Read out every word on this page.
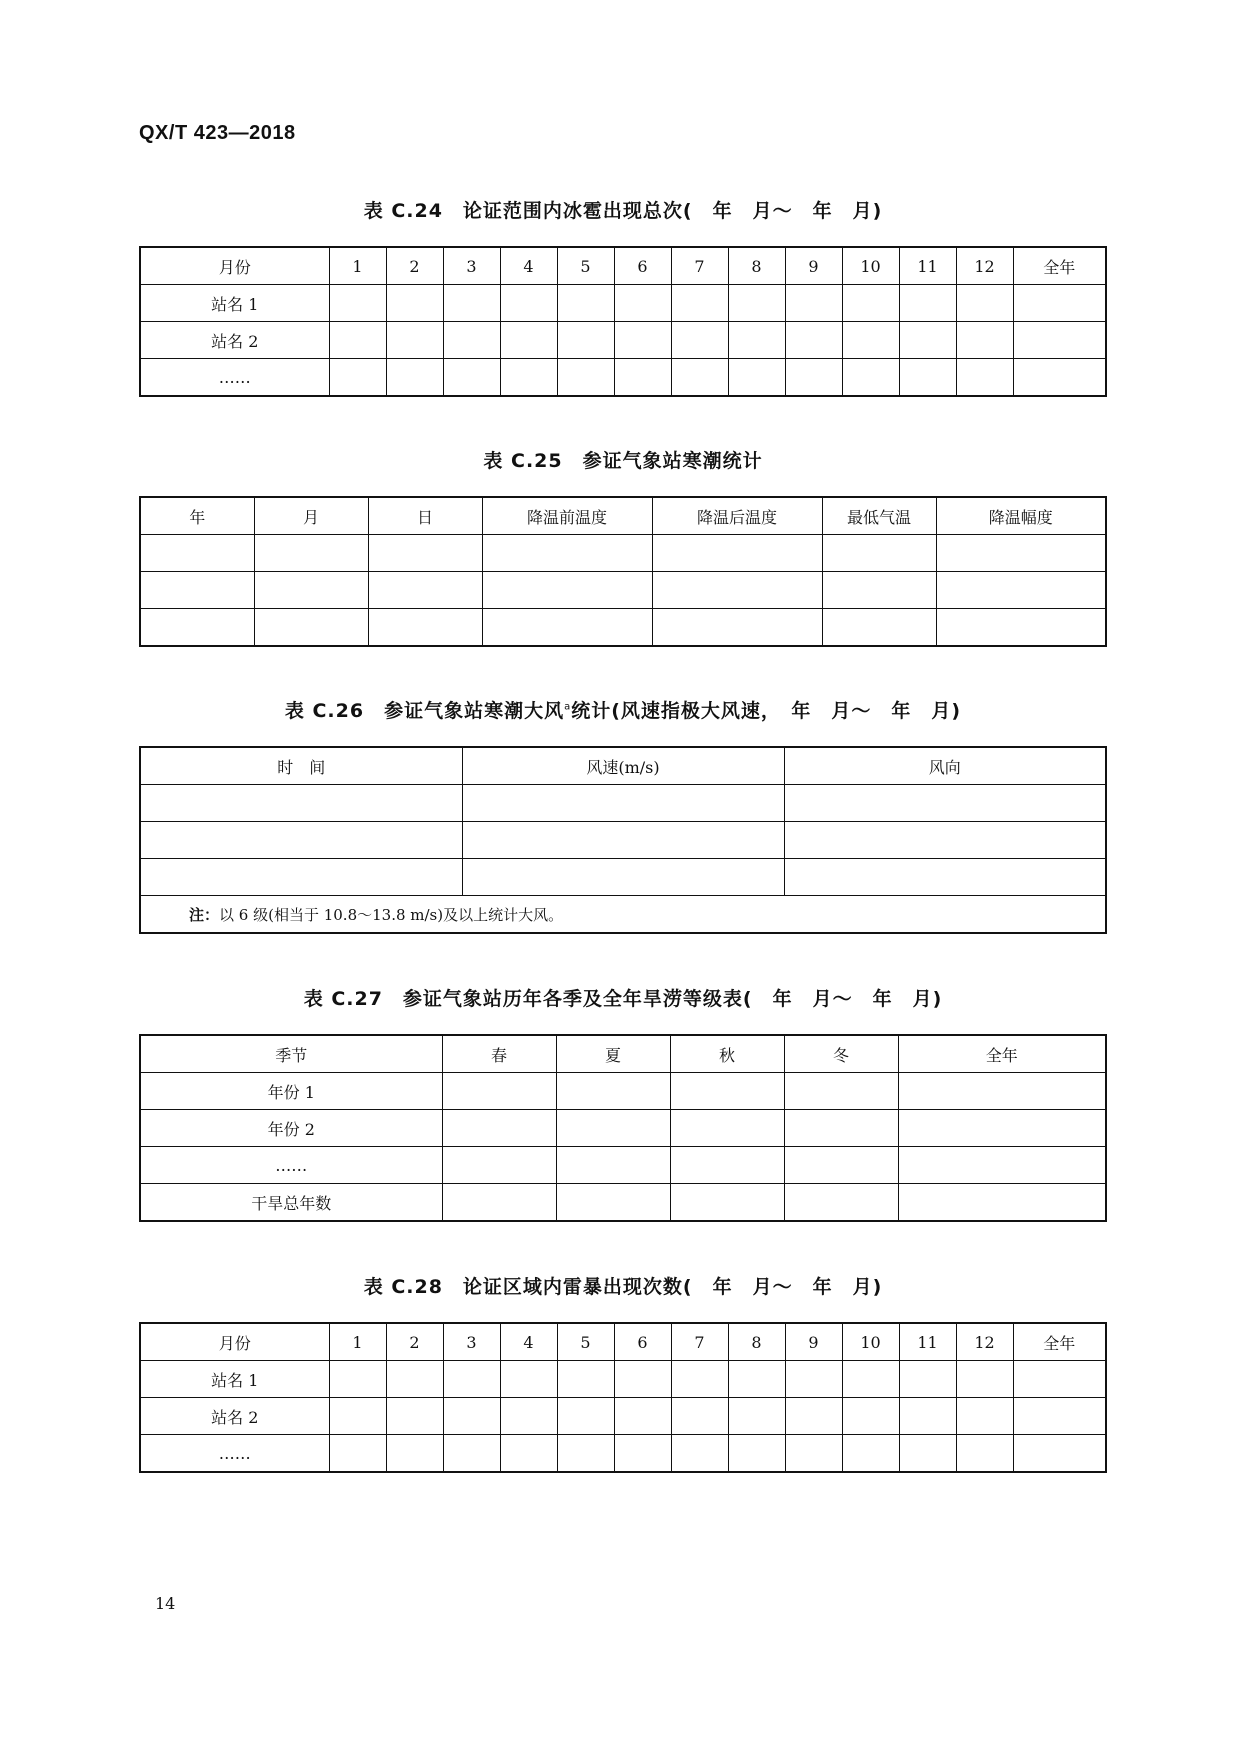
QX/T 423—2018
表 C.24　论证范围内冰雹出现总次(　年　月～　年　月)
月份	1	2	3	4	5	6	7	8	9	10	11	12	全年
站名 1													
站名 2													
……													
表 C.25　参证气象站寒潮统计
年	月	日	降温前温度	降温后温度	最低气温	降温幅度

表 C.26　参证气象站寒潮大风$^a$统计(风速指极大风速，　年　月～　年　月)
时　间	风速(m/s)	风向

注：以 6 级(相当于 10.8～13.8 m/s)及以上统计大风。		
表 C.27　参证气象站历年各季及全年旱涝等级表(　年　月～　年　月)
季节	春	夏	秋	冬	全年
年份 1					
年份 2					
……					
干旱总年数					
表 C.28　论证区域内雷暴出现次数(　年　月～　年　月)
月份	1	2	3	4	5	6	7	8	9	10	11	12	全年
站名 1													
站名 2													
……													
14
